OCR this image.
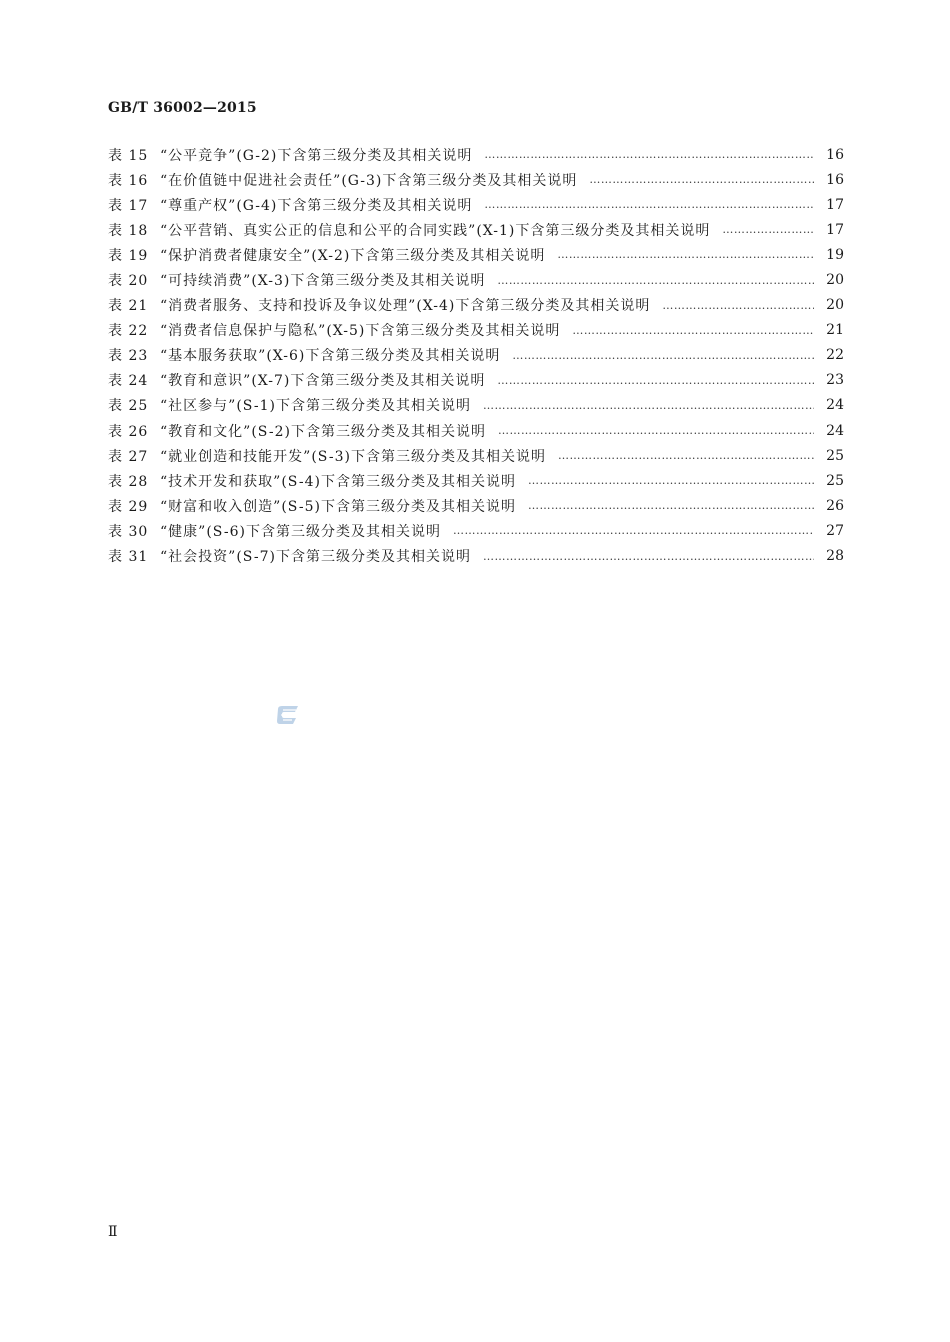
GB/T 36002—2015
表 15 “公平竞争”(G-2)下含第三级分类及其相关说明 ………………………………………………………………………………………………………………………………………………	16
表 16 “在价值链中促进社会责任”(G-3)下含第三级分类及其相关说明 ………………………………………………………………………………………………………………………………………………	16
表 17 “尊重产权”(G-4)下含第三级分类及其相关说明 ………………………………………………………………………………………………………………………………………………	17
表 18 “公平营销、真实公正的信息和公平的合同实践”(X-1)下含第三级分类及其相关说明 ………………………………………………………………………………………………………………………………………………	17
表 19 “保护消费者健康安全”(X-2)下含第三级分类及其相关说明 ………………………………………………………………………………………………………………………………………………	19
表 20 “可持续消费”(X-3)下含第三级分类及其相关说明 ………………………………………………………………………………………………………………………………………………	20
表 21 “消费者服务、支持和投诉及争议处理”(X-4)下含第三级分类及其相关说明 ………………………………………………………………………………………………………………………………………………	20
表 22 “消费者信息保护与隐私”(X-5)下含第三级分类及其相关说明 ………………………………………………………………………………………………………………………………………………	21
表 23 “基本服务获取”(X-6)下含第三级分类及其相关说明 ………………………………………………………………………………………………………………………………………………	22
表 24 “教育和意识”(X-7)下含第三级分类及其相关说明 ………………………………………………………………………………………………………………………………………………	23
表 25 “社区参与”(S-1)下含第三级分类及其相关说明 ………………………………………………………………………………………………………………………………………………	24
表 26 “教育和文化”(S-2)下含第三级分类及其相关说明 ………………………………………………………………………………………………………………………………………………	24
表 27 “就业创造和技能开发”(S-3)下含第三级分类及其相关说明 ………………………………………………………………………………………………………………………………………………	25
表 28 “技术开发和获取”(S-4)下含第三级分类及其相关说明 ………………………………………………………………………………………………………………………………………………	25
表 29 “财富和收入创造”(S-5)下含第三级分类及其相关说明 ………………………………………………………………………………………………………………………………………………	26
表 30 “健康”(S-6)下含第三级分类及其相关说明 ………………………………………………………………………………………………………………………………………………	27
表 31 “社会投资”(S-7)下含第三级分类及其相关说明 ………………………………………………………………………………………………………………………………………………	28
Ⅱ
